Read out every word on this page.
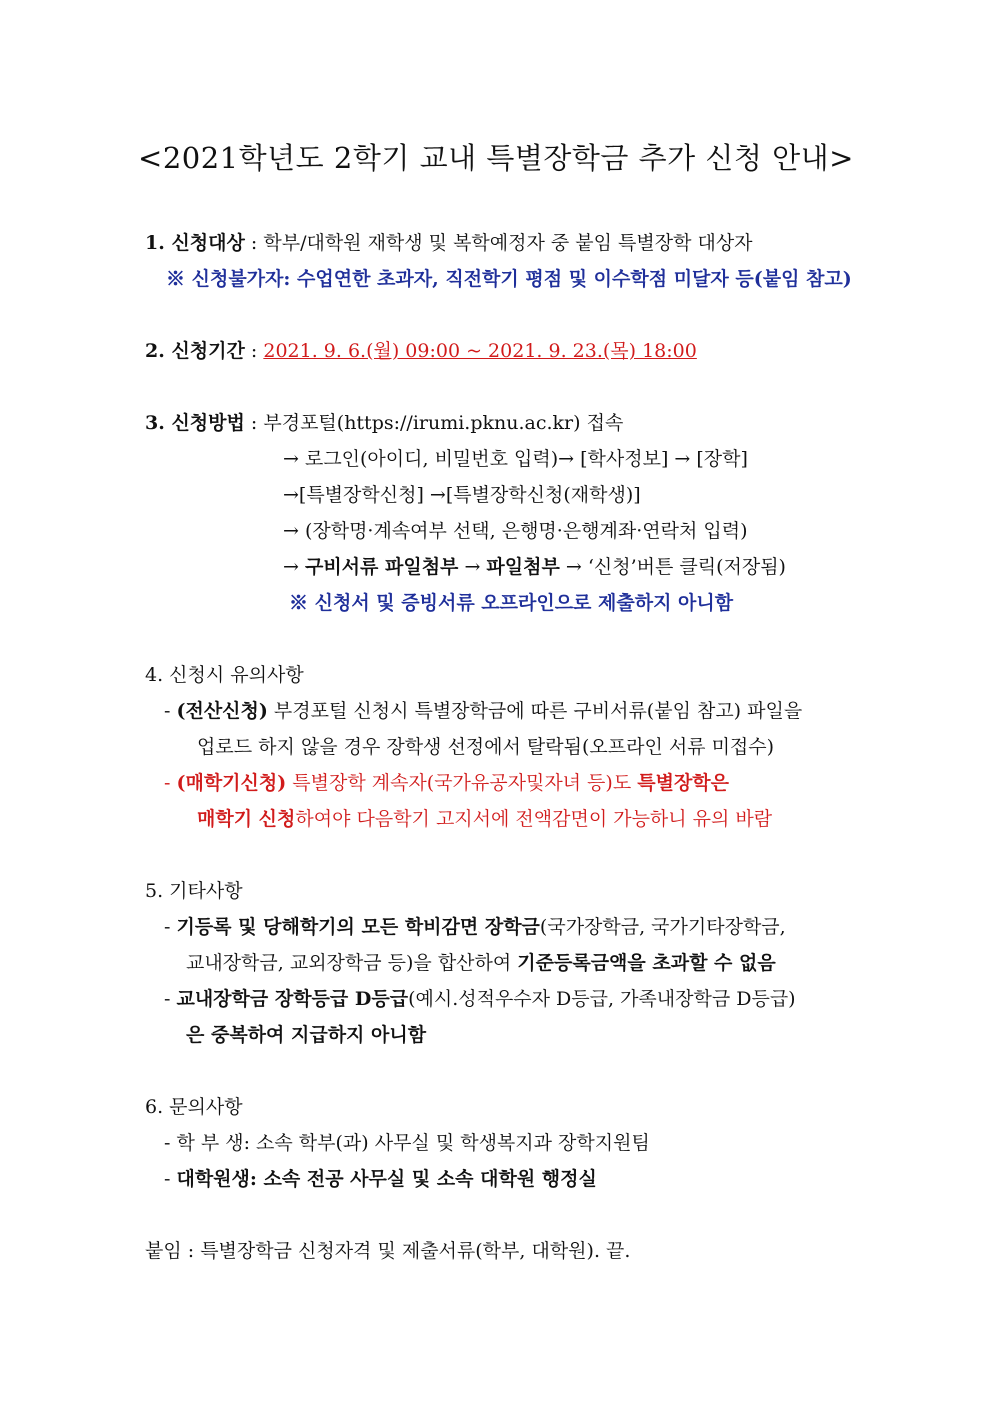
<2021학년도 2학기 교내 특별장학금 추가 신청 안내>
1. 신청대상 : 학부/대학원 재학생 및 복학예정자 중 붙임 특별장학 대상자
※ 신청불가자: 수업연한 초과자, 직전학기 평점 및 이수학점 미달자 등(붙임 참고)
2. 신청기간 : 2021. 9. 6.(월) 09:00 ~ 2021. 9. 23.(목) 18:00
3. 신청방법 : 부경포털(https://irumi.pknu.ac.kr) 접속
→ 로그인(아이디, 비밀번호 입력)→ [학사정보] → [장학]
→[특별장학신청] →[특별장학신청(재학생)]
→ (장학명·계속여부 선택, 은행명·은행계좌·연락처 입력)
→ 구비서류 파일첨부 → 파일첨부 → ‘신청’버튼 클릭(저장됨)
※ 신청서 및 증빙서류 오프라인으로 제출하지 아니함
4. 신청시 유의사항
- (전산신청) 부경포털 신청시 특별장학금에 따른 구비서류(붙임 참고) 파일을
업로드 하지 않을 경우 장학생 선정에서 탈락됨(오프라인 서류 미접수)
- (매학기신청) 특별장학 계속자(국가유공자및자녀 등)도 특별장학은
매학기 신청하여야 다음학기 고지서에 전액감면이 가능하니 유의 바람
5. 기타사항
- 기등록 및 당해학기의 모든 학비감면 장학금(국가장학금, 국가기타장학금,
교내장학금, 교외장학금 등)을 합산하여 기준등록금액을 초과할 수 없음
- 교내장학금 장학등급 D등급(예시.성적우수자 D등급, 가족내장학금 D등급)
은 중복하여 지급하지 아니함
6. 문의사항
- 학 부 생: 소속 학부(과) 사무실 및 학생복지과 장학지원팀
- 대학원생: 소속 전공 사무실 및 소속 대학원 행정실
붙임 : 특별장학금 신청자격 및 제출서류(학부, 대학원). 끝.
